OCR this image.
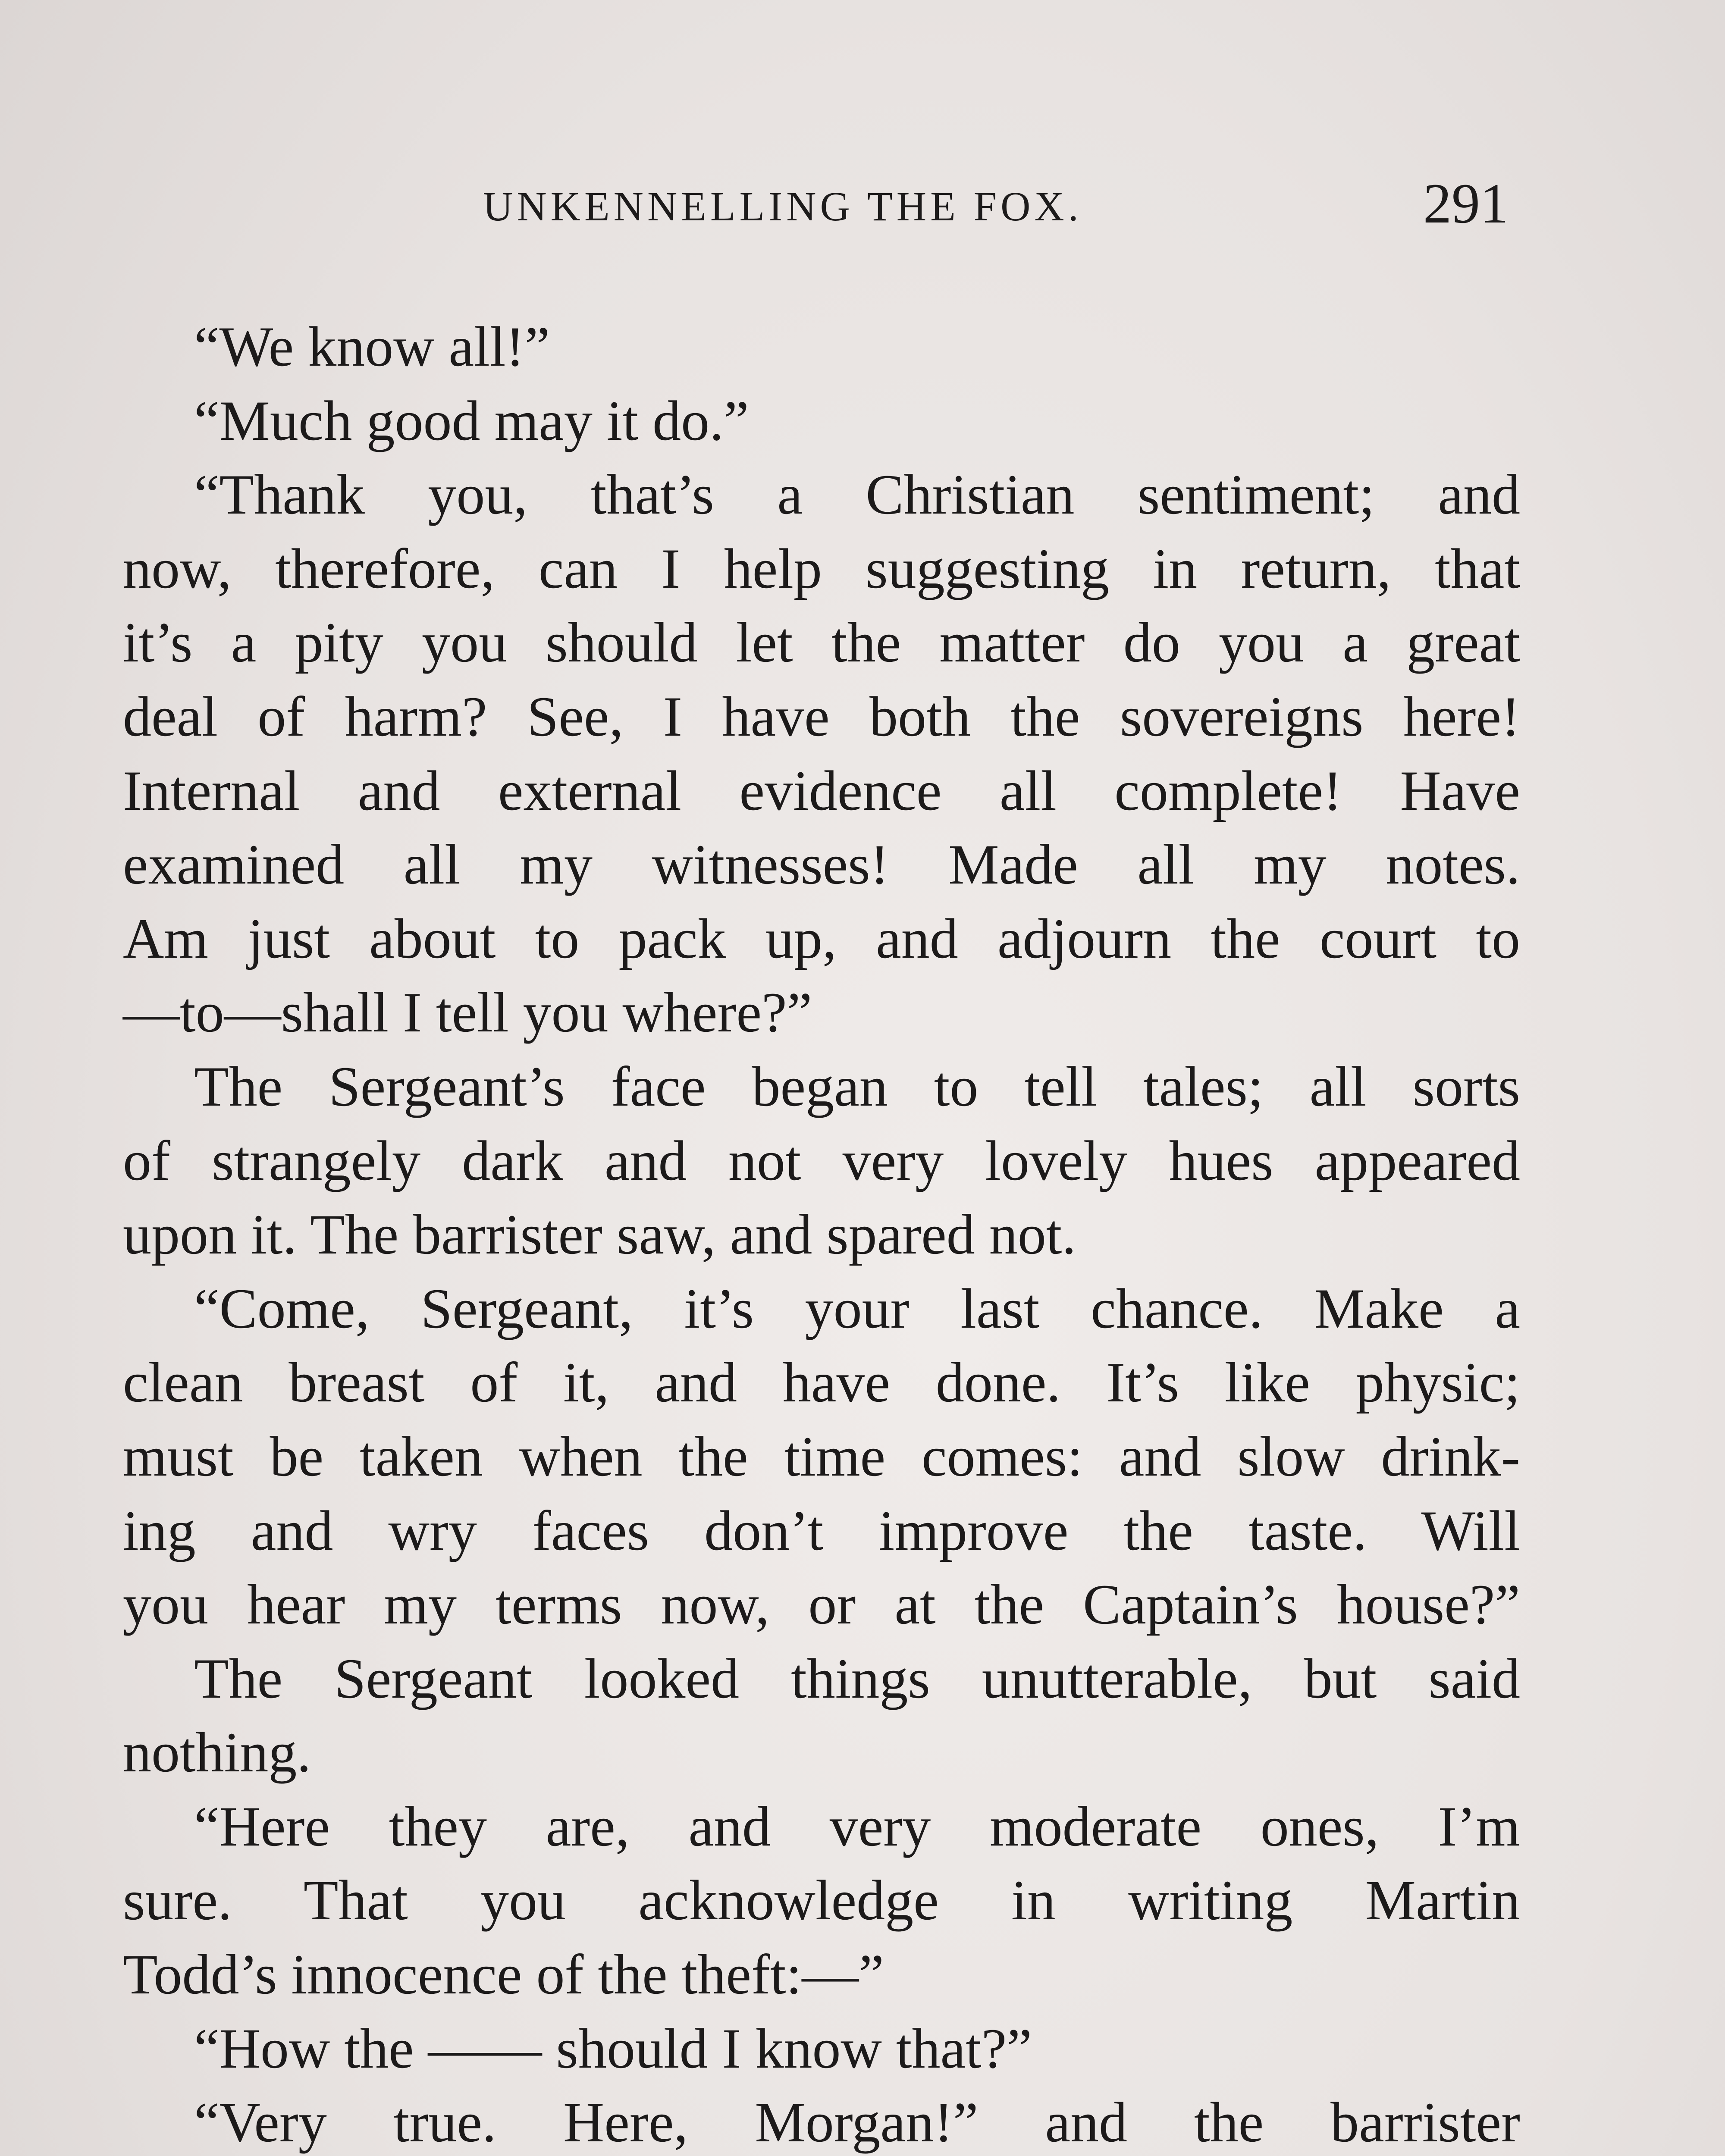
UNKENNELLING THE FOX.	291
“We know all!”
“Much good may it do.”
“Thank you, that’s a Christian sentiment; and
now, therefore, can I help suggesting in return, that
it’s a pity you should let the matter do you a great
deal of harm? See, I have both the sovereigns here!
Internal and external evidence all complete! Have
examined all my witnesses! Made all my notes.
Am just about to pack up, and adjourn the court to
—to—shall I tell you where?”
The Sergeant’s face began to tell tales; all sorts
of strangely dark and not very lovely hues appeared
upon it. The barrister saw, and spared not.
“Come, Sergeant, it’s your last chance. Make a
clean breast of it, and have done. It’s like physic;
must be taken when the time comes: and slow drink-
ing and wry faces don’t improve the taste. Will
you hear my terms now, or at the Captain’s house?”
The Sergeant looked things unutterable, but said
nothing.
“Here they are, and very moderate ones, I’m
sure. That you acknowledge in writing Martin
Todd’s innocence of the theft:—”
“How the —— should I know that?”
“Very true. Here, Morgan!” and the barrister
